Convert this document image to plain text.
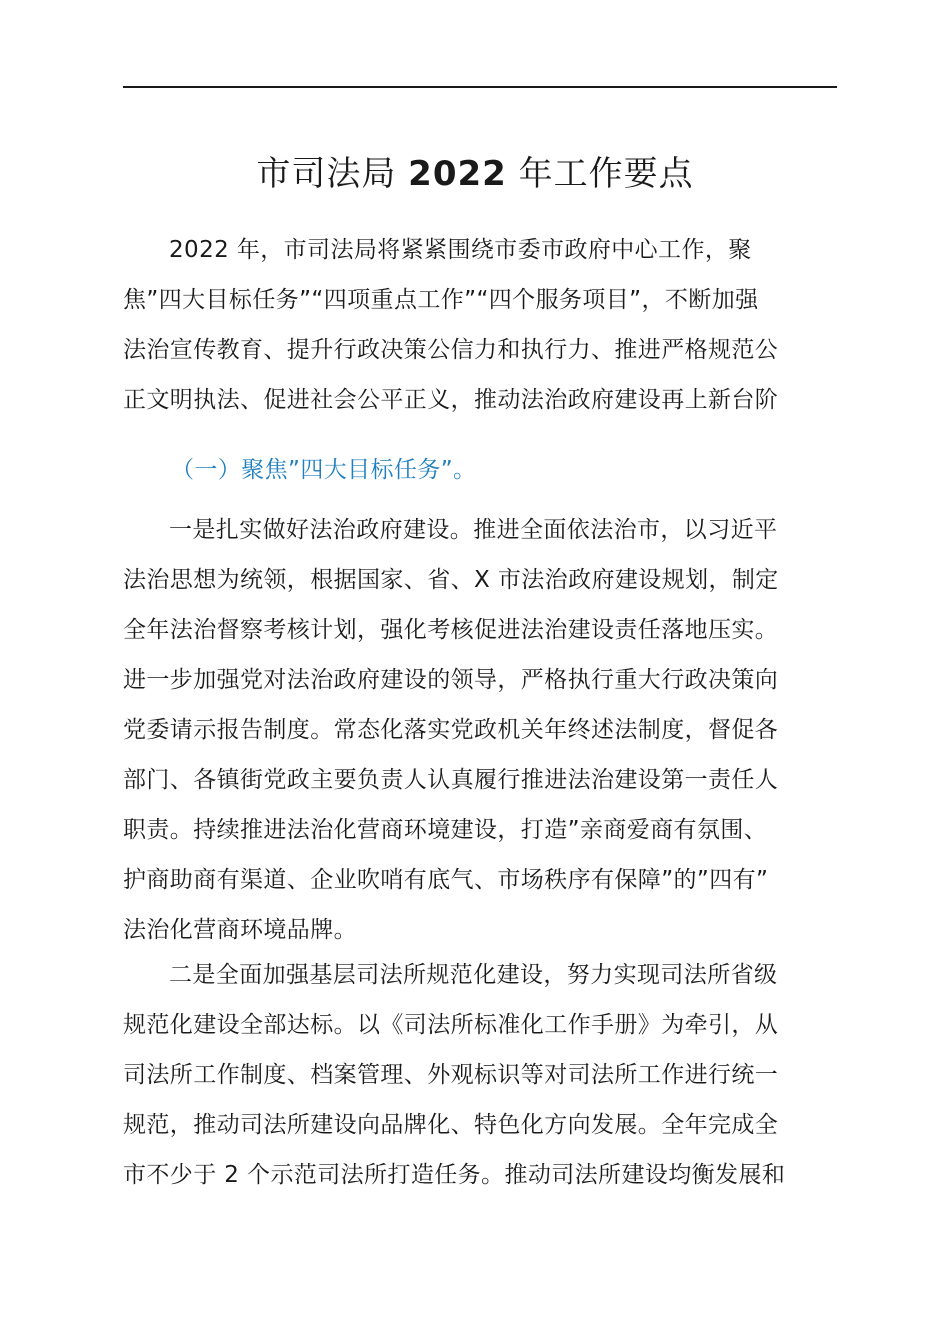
市司法局 2022 年工作要点
2022 年，市司法局将紧紧围绕市委市政府中心工作，聚
焦”四大目标任务”“四项重点工作”“四个服务项目”，不断加强
法治宣传教育、提升行政决策公信力和执行力、推进严格规范公
正文明执法、促进社会公平正义，推动法治政府建设再上新台阶
（一）聚焦”四大目标任务”。
一是扎实做好法治政府建设。推进全面依法治市，以习近平
法治思想为统领，根据国家、省、X 市法治政府建设规划，制定
全年法治督察考核计划，强化考核促进法治建设责任落地压实。
进一步加强党对法治政府建设的领导，严格执行重大行政决策向
党委请示报告制度。常态化落实党政机关年终述法制度，督促各
部门、各镇街党政主要负责人认真履行推进法治建设第一责任人
职责。持续推进法治化营商环境建设，打造”亲商爱商有氛围、
护商助商有渠道、企业吹哨有底气、市场秩序有保障”的”四有”
法治化营商环境品牌。
二是全面加强基层司法所规范化建设，努力实现司法所省级
规范化建设全部达标。以《司法所标准化工作手册》为牵引，从
司法所工作制度、档案管理、外观标识等对司法所工作进行统一
规范，推动司法所建设向品牌化、特色化方向发展。全年完成全
市不少于 2 个示范司法所打造任务。推动司法所建设均衡发展和
